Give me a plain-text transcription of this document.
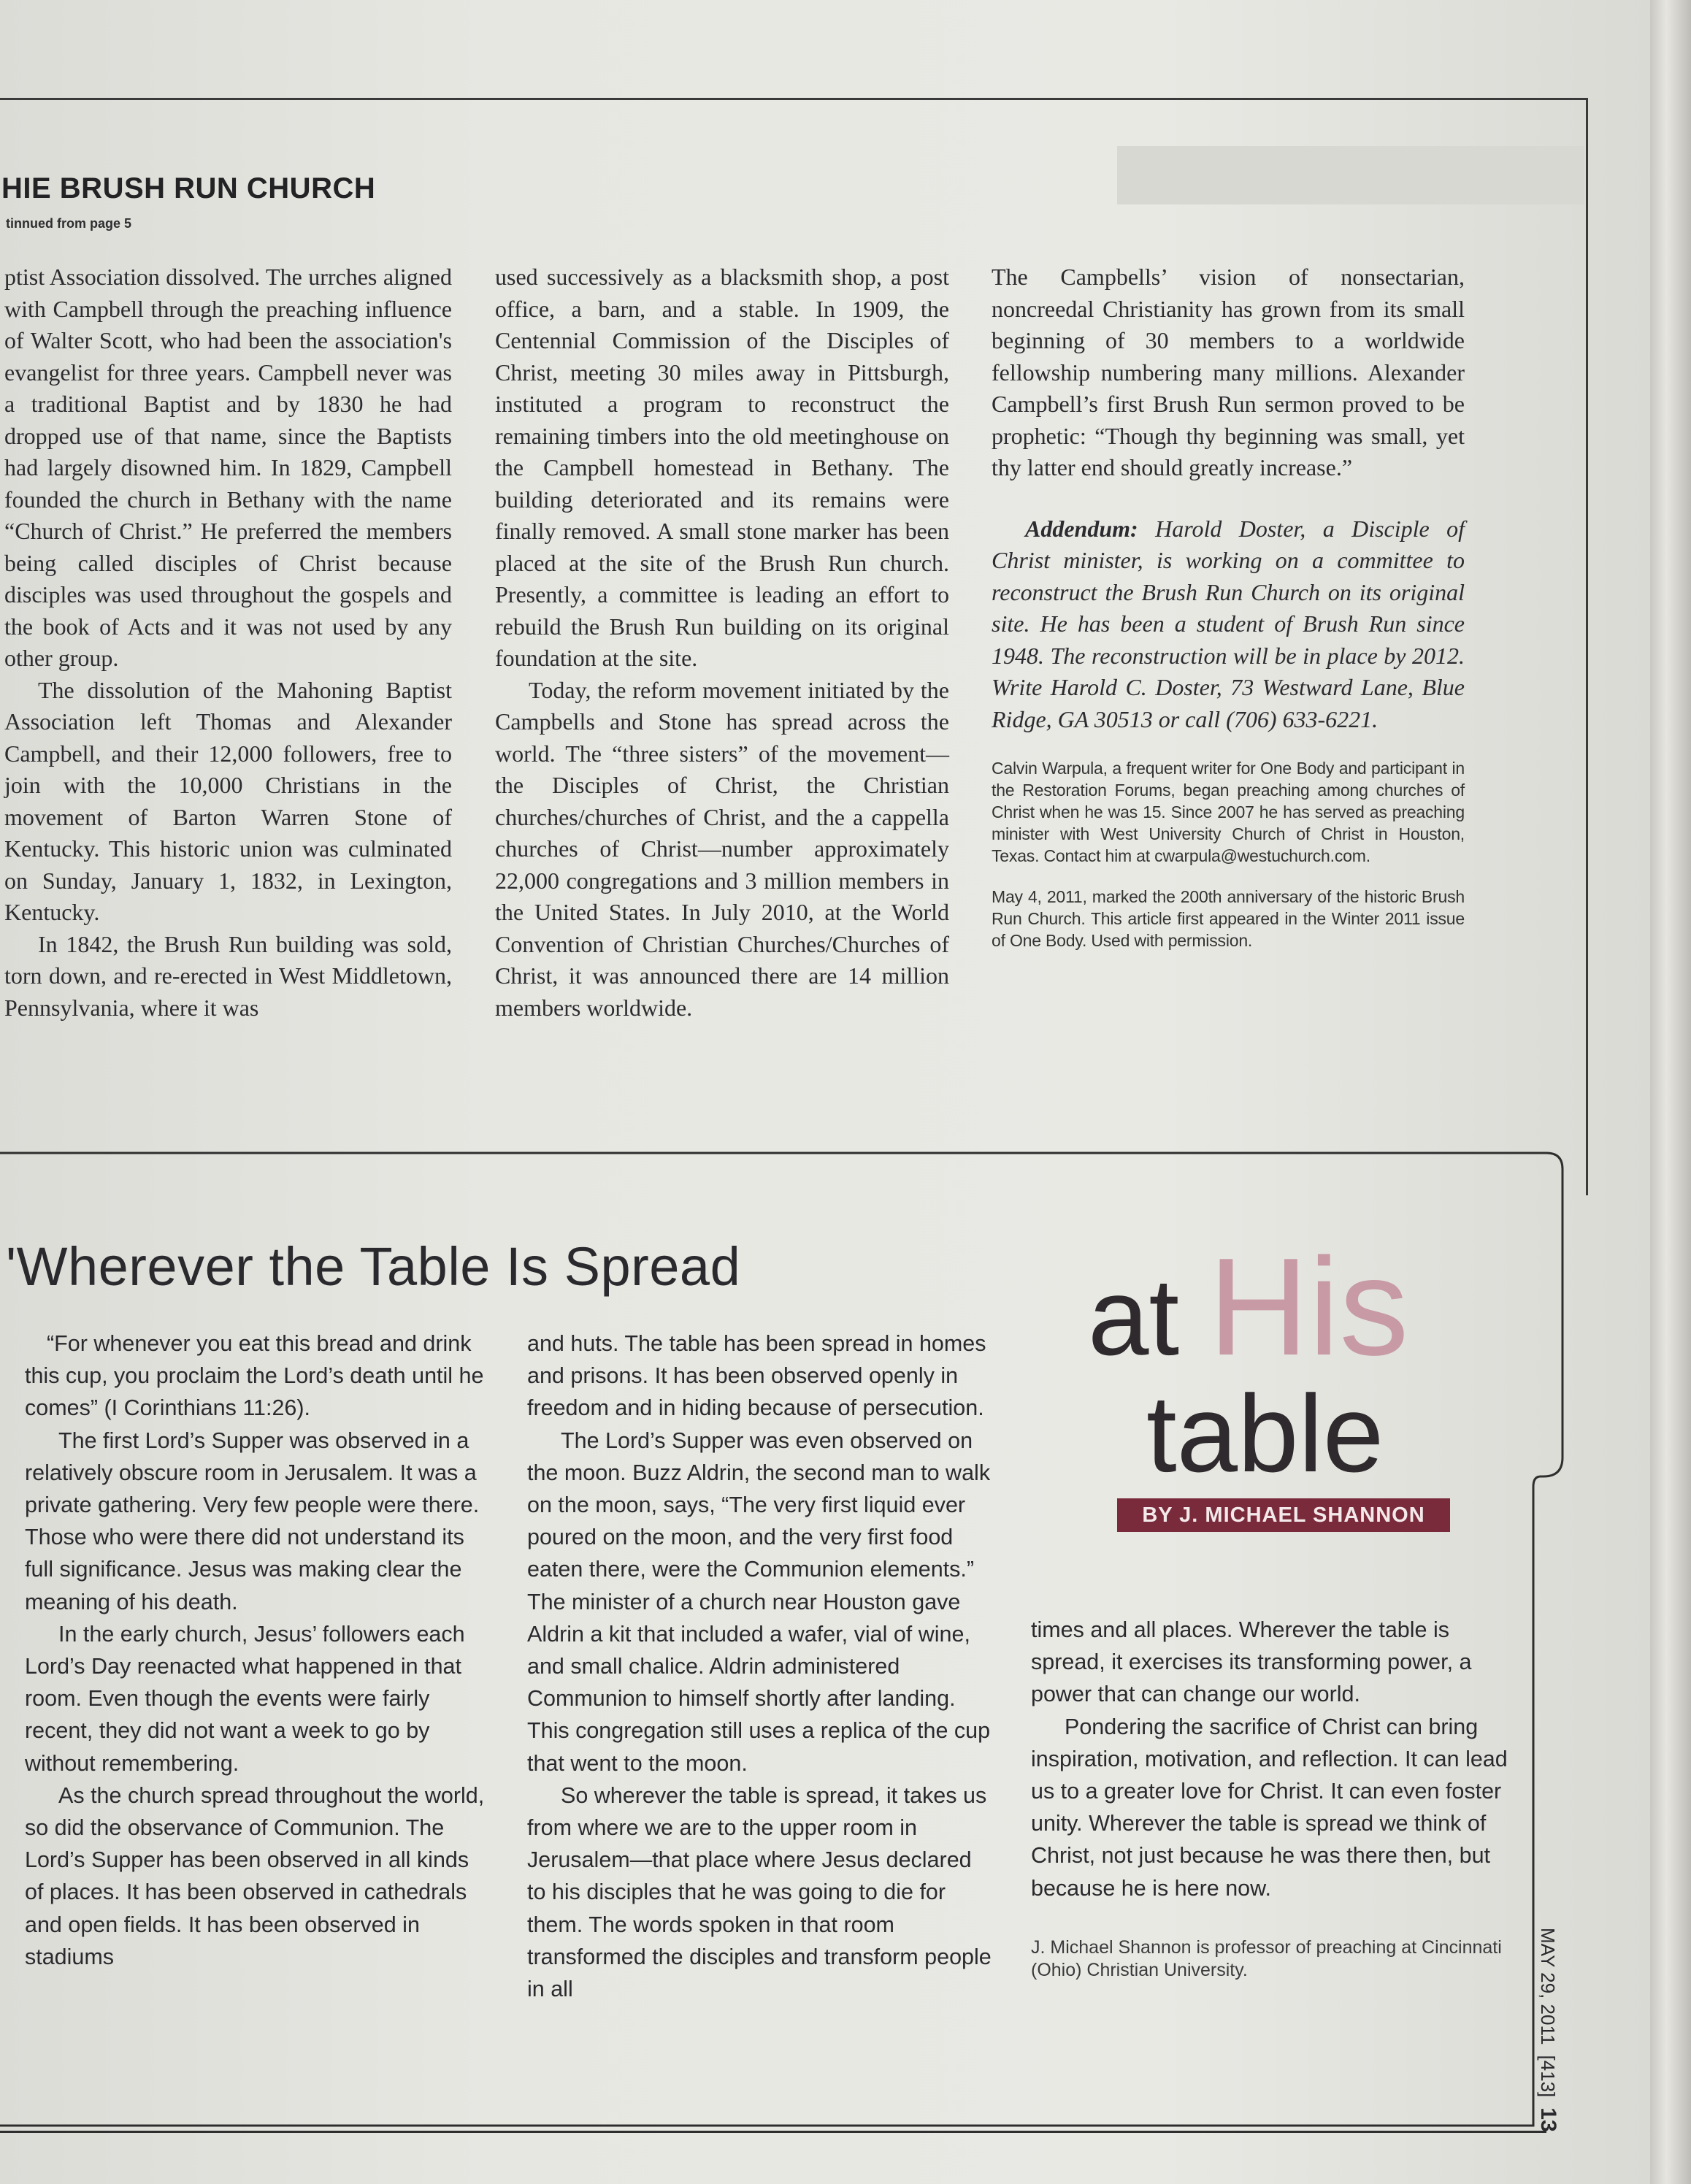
HIE BRUSH RUN CHURCH
tinnued from page 5

ptist Association dissolved. The urrches aligned with Campbell through the preaching influence of Walter Scott, who had been the association's evangelist for three years. Campbell never was a traditional Baptist and by 1830 he had dropped use of that name, since the Baptists had largely disowned him. In 1829, Campbell founded the church in Bethany with the name “Church of Christ.” He preferred the members being called disciples of Christ because disciples was used throughout the gospels and the book of Acts and it was not used by any other group.

The dissolution of the Mahoning Baptist Association left Thomas and Alexander Campbell, and their 12,000 followers, free to join with the 10,000 Christians in the movement of Barton Warren Stone of Kentucky. This historic union was culminated on Sunday, January 1, 1832, in Lexington, Kentucky.

In 1842, the Brush Run building was sold, torn down, and re-erected in West Middletown, Pennsylvania, where it was

used successively as a blacksmith shop, a post office, a barn, and a stable. In 1909, the Centennial Commission of the Disciples of Christ, meeting 30 miles away in Pittsburgh, instituted a program to reconstruct the remaining timbers into the old meetinghouse on the Campbell homestead in Bethany. The building deteriorated and its remains were finally removed. A small stone marker has been placed at the site of the Brush Run church. Presently, a committee is leading an effort to rebuild the Brush Run building on its original foundation at the site.

Today, the reform movement initiated by the Campbells and Stone has spread across the world. The “three sisters” of the movement—the Disciples of Christ, the Christian churches/churches of Christ, and the a cappella churches of Christ—number approximately 22,000 congregations and 3 million members in the United States. In July 2010, at the World Convention of Christian Churches/Churches of Christ, it was announced there are 14 million members worldwide.

The Campbells’ vision of nonsectarian, noncreedal Christianity has grown from its small beginning of 30 members to a worldwide fellowship numbering many millions. Alexander Campbell’s first Brush Run sermon proved to be prophetic: “Though thy beginning was small, yet thy latter end should greatly increase.”

Addendum: Harold Doster, a Disciple of Christ minister, is working on a committee to reconstruct the Brush Run Church on its original site. He has been a student of Brush Run since 1948. The reconstruction will be in place by 2012. Write Harold C. Doster, 73 Westward Lane, Blue Ridge, GA 30513 or call (706) 633-6221.

Calvin Warpula, a frequent writer for One Body and participant in the Restoration Forums, began preaching among churches of Christ when he was 15. Since 2007 he has served as preaching minister with West University Church of Christ in Houston, Texas. Contact him at cwarpula@westuchurch.com.

May 4, 2011, marked the 200th anniversary of the historic Brush Run Church. This article first appeared in the Winter 2011 issue of One Body. Used with permission.

'Wherever the Table Is Spread	at His
table
BY J. MICHAEL SHANNON

“For whenever you eat this bread and drink this cup, you proclaim the Lord’s death until he comes” (I Corinthians 11:26).

The first Lord’s Supper was observed in a relatively obscure room in Jerusalem. It was a private gathering. Very few people were there. Those who were there did not understand its full significance. Jesus was making clear the meaning of his death.

In the early church, Jesus’ followers each Lord’s Day reenacted what happened in that room. Even though the events were fairly recent, they did not want a week to go by without remembering.

As the church spread throughout the world, so did the observance of Communion. The Lord’s Supper has been observed in all kinds of places. It has been observed in cathedrals and open fields. It has been observed in stadiums

and huts. The table has been spread in homes and prisons. It has been observed openly in freedom and in hiding because of persecution.

The Lord’s Supper was even observed on the moon. Buzz Aldrin, the second man to walk on the moon, says, “The very first liquid ever poured on the moon, and the very first food eaten there, were the Communion elements.” The minister of a church near Houston gave Aldrin a kit that included a wafer, vial of wine, and small chalice. Aldrin administered Communion to himself shortly after landing. This congregation still uses a replica of the cup that went to the moon.

So wherever the table is spread, it takes us from where we are to the upper room in Jerusalem—that place where Jesus declared to his disciples that he was going to die for them. The words spoken in that room transformed the disciples and transform people in all

times and all places. Wherever the table is spread, it exercises its transforming power, a power that can change our world.

Pondering the sacrifice of Christ can bring inspiration, motivation, and reflection. It can lead us to a greater love for Christ. It can even foster unity. Wherever the table is spread we think of Christ, not just because he was there then, but because he is here now.

J. Michael Shannon is professor of preaching at Cincinnati (Ohio) Christian University.	MAY 29, 2011
[413]
13
